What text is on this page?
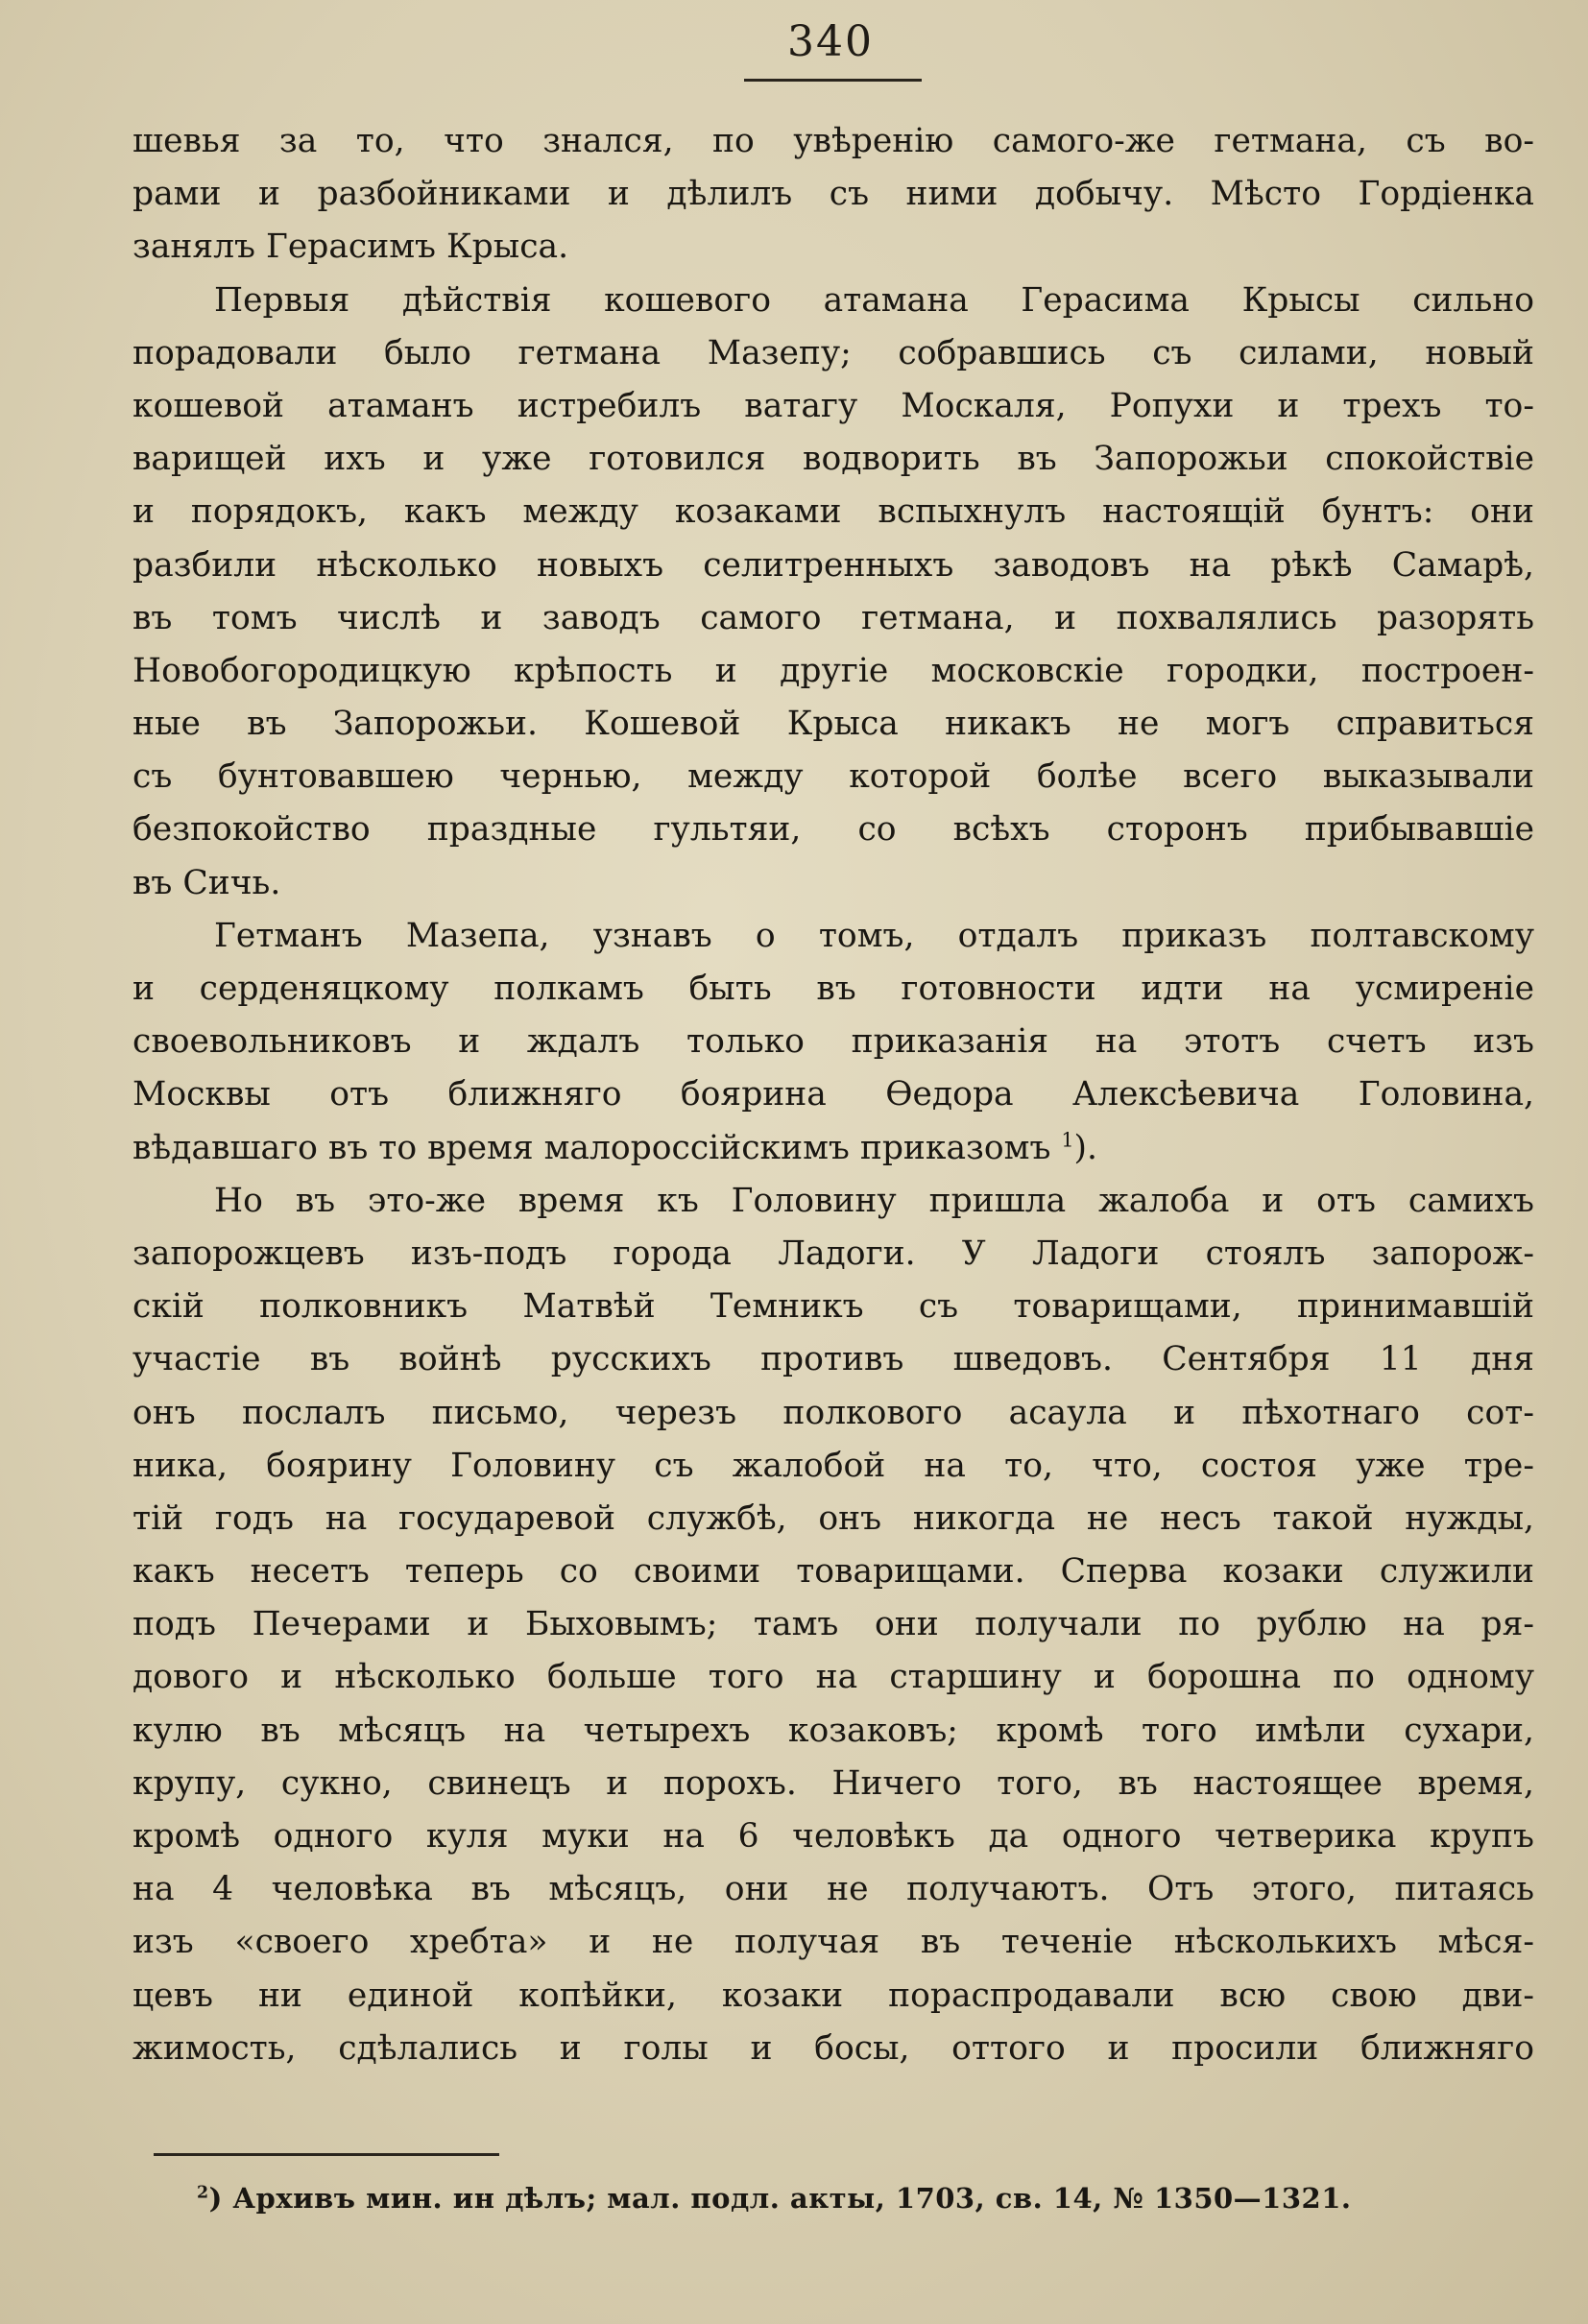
340
шевья за то, что знался, по увѣренію самого-же гетмана, съ во-
рами и разбойниками и дѣлилъ съ ними добычу. Мѣсто Гордіенка
занялъ Герасимъ Крыса.
Первыя дѣйствія кошевого атамана Герасима Крысы сильно
порадовали было гетмана Мазепу; собравшись съ силами, новый
кошевой атаманъ истребилъ ватагу Москаля, Ропухи и трехъ то-
варищей ихъ и уже готовился водворить въ Запорожьи спокойствіе
и порядокъ, какъ между козаками вспыхнулъ настоящій бунтъ: они
разбили нѣсколько новыхъ селитренныхъ заводовъ на рѣкѣ Самарѣ,
въ томъ числѣ и заводъ самого гетмана, и похвалялись разорять
Новобогородицкую крѣпость и другіе московскіе городки, построен-
ные въ Запорожьи. Кошевой Крыса никакъ не могъ справиться
съ бунтовавшею чернью, между которой болѣе всего выказывали
безпокойство праздные гультяи, со всѣхъ сторонъ прибывавшіе
въ Сичь.
Гетманъ Мазепа, узнавъ о томъ, отдалъ приказъ полтавскому
и серденяцкому полкамъ быть въ готовности идти на усмиреніе
своевольниковъ и ждалъ только приказанія на этотъ счетъ изъ
Москвы отъ ближняго боярина Ѳедора Алексѣевича Головина,
вѣдавшаго въ то время малороссійскимъ приказомъ $^1$).
Но въ это-же время къ Головину пришла жалоба и отъ самихъ
запорожцевъ изъ-подъ города Ладоги. У Ладоги стоялъ запорож-
скій полковникъ Матвѣй Темникъ съ товарищами, принимавшій
участіе въ войнѣ русскихъ противъ шведовъ. Сентября 11 дня
онъ послалъ письмо, черезъ полкового асаула и пѣхотнаго сот-
ника, боярину Головину съ жалобой на то, что, состоя уже тре-
тій годъ на государевой службѣ, онъ никогда не несъ такой нужды,
какъ несетъ теперь со своими товарищами. Сперва козаки служили
подъ Печерами и Быховымъ; тамъ они получали по рублю на ря-
дового и нѣсколько больше того на старшину и борошна по одному
кулю въ мѣсяцъ на четырехъ козаковъ; кромѣ того имѣли сухари,
крупу, сукно, свинецъ и порохъ. Ничего того, въ настоящее время,
кромѣ одного куля муки на 6 человѣкъ да одного четверика крупъ
на 4 человѣка въ мѣсяцъ, они не получаютъ. Отъ этого, питаясь
изъ «своего хребта» и не получая въ теченіе нѣсколькихъ мѣся-
цевъ ни единой копѣйки, козаки пораспродавали всю свою дви-
жимость, сдѣлались и голы и босы, оттого и просили ближняго
$^2$) Архивъ мин. ин дѣлъ; мал. подл. акты, 1703, св. 14, № 1350—1321.
